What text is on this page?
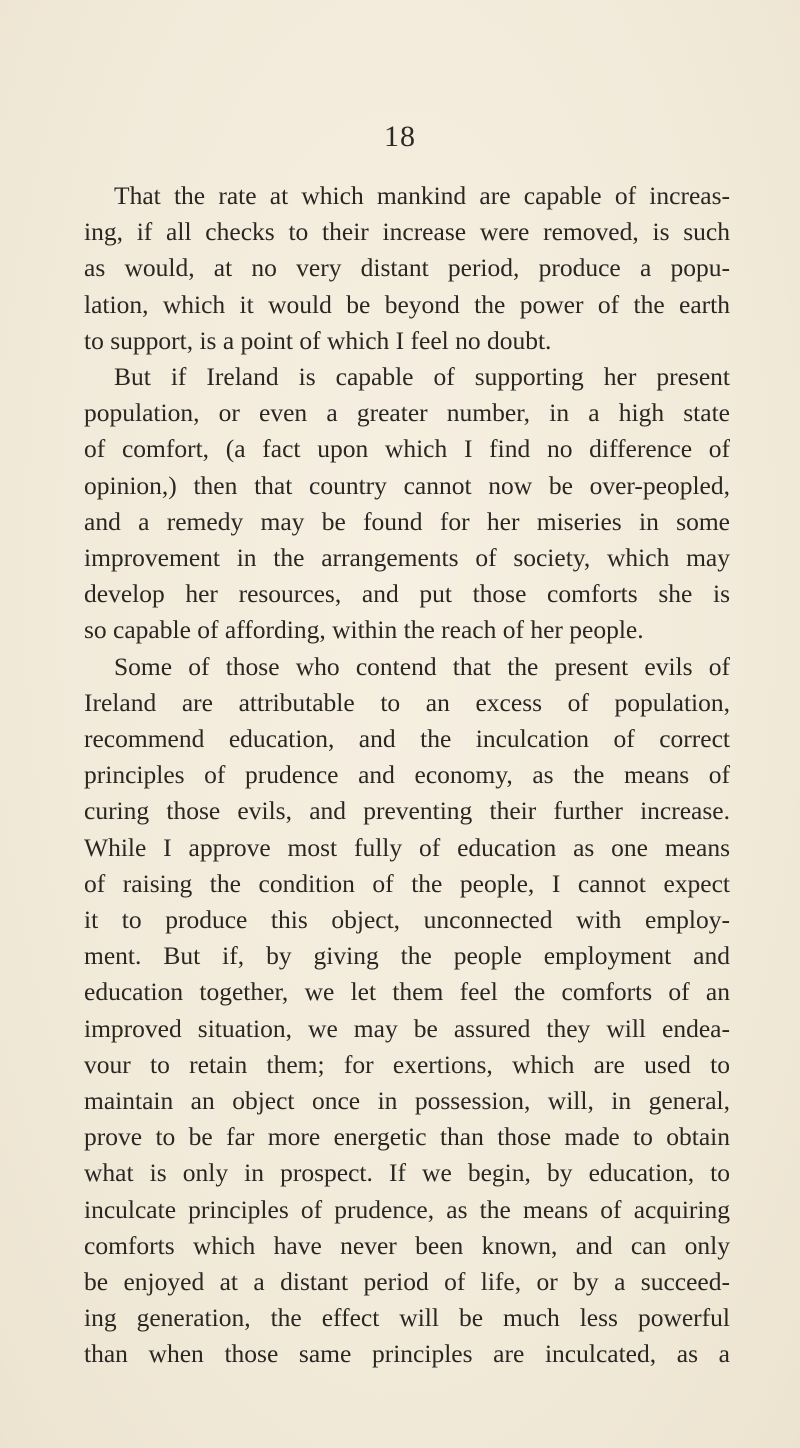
18
That the rate at which mankind are capable of increas-
ing, if all checks to their increase were removed, is such
as would, at no very distant period, produce a popu-
lation, which it would be beyond the power of the earth
to support, is a point of which I feel no doubt.
But if Ireland is capable of supporting her present
population, or even a greater number, in a high state
of comfort, (a fact upon which I find no difference of
opinion,) then that country cannot now be over-peopled,
and a remedy may be found for her miseries in some
improvement in the arrangements of society, which may
develop her resources, and put those comforts she is
so capable of affording, within the reach of her people.
Some of those who contend that the present evils of
Ireland are attributable to an excess of population,
recommend education, and the inculcation of correct
principles of prudence and economy, as the means of
curing those evils, and preventing their further increase.
While I approve most fully of education as one means
of raising the condition of the people, I cannot expect
it to produce this object, unconnected with employ-
ment. But if, by giving the people employment and
education together, we let them feel the comforts of an
improved situation, we may be assured they will endea-
vour to retain them; for exertions, which are used to
maintain an object once in possession, will, in general,
prove to be far more energetic than those made to obtain
what is only in prospect. If we begin, by education, to
inculcate principles of prudence, as the means of acquiring
comforts which have never been known, and can only
be enjoyed at a distant period of life, or by a succeed-
ing generation, the effect will be much less powerful
than when those same principles are inculcated, as a
